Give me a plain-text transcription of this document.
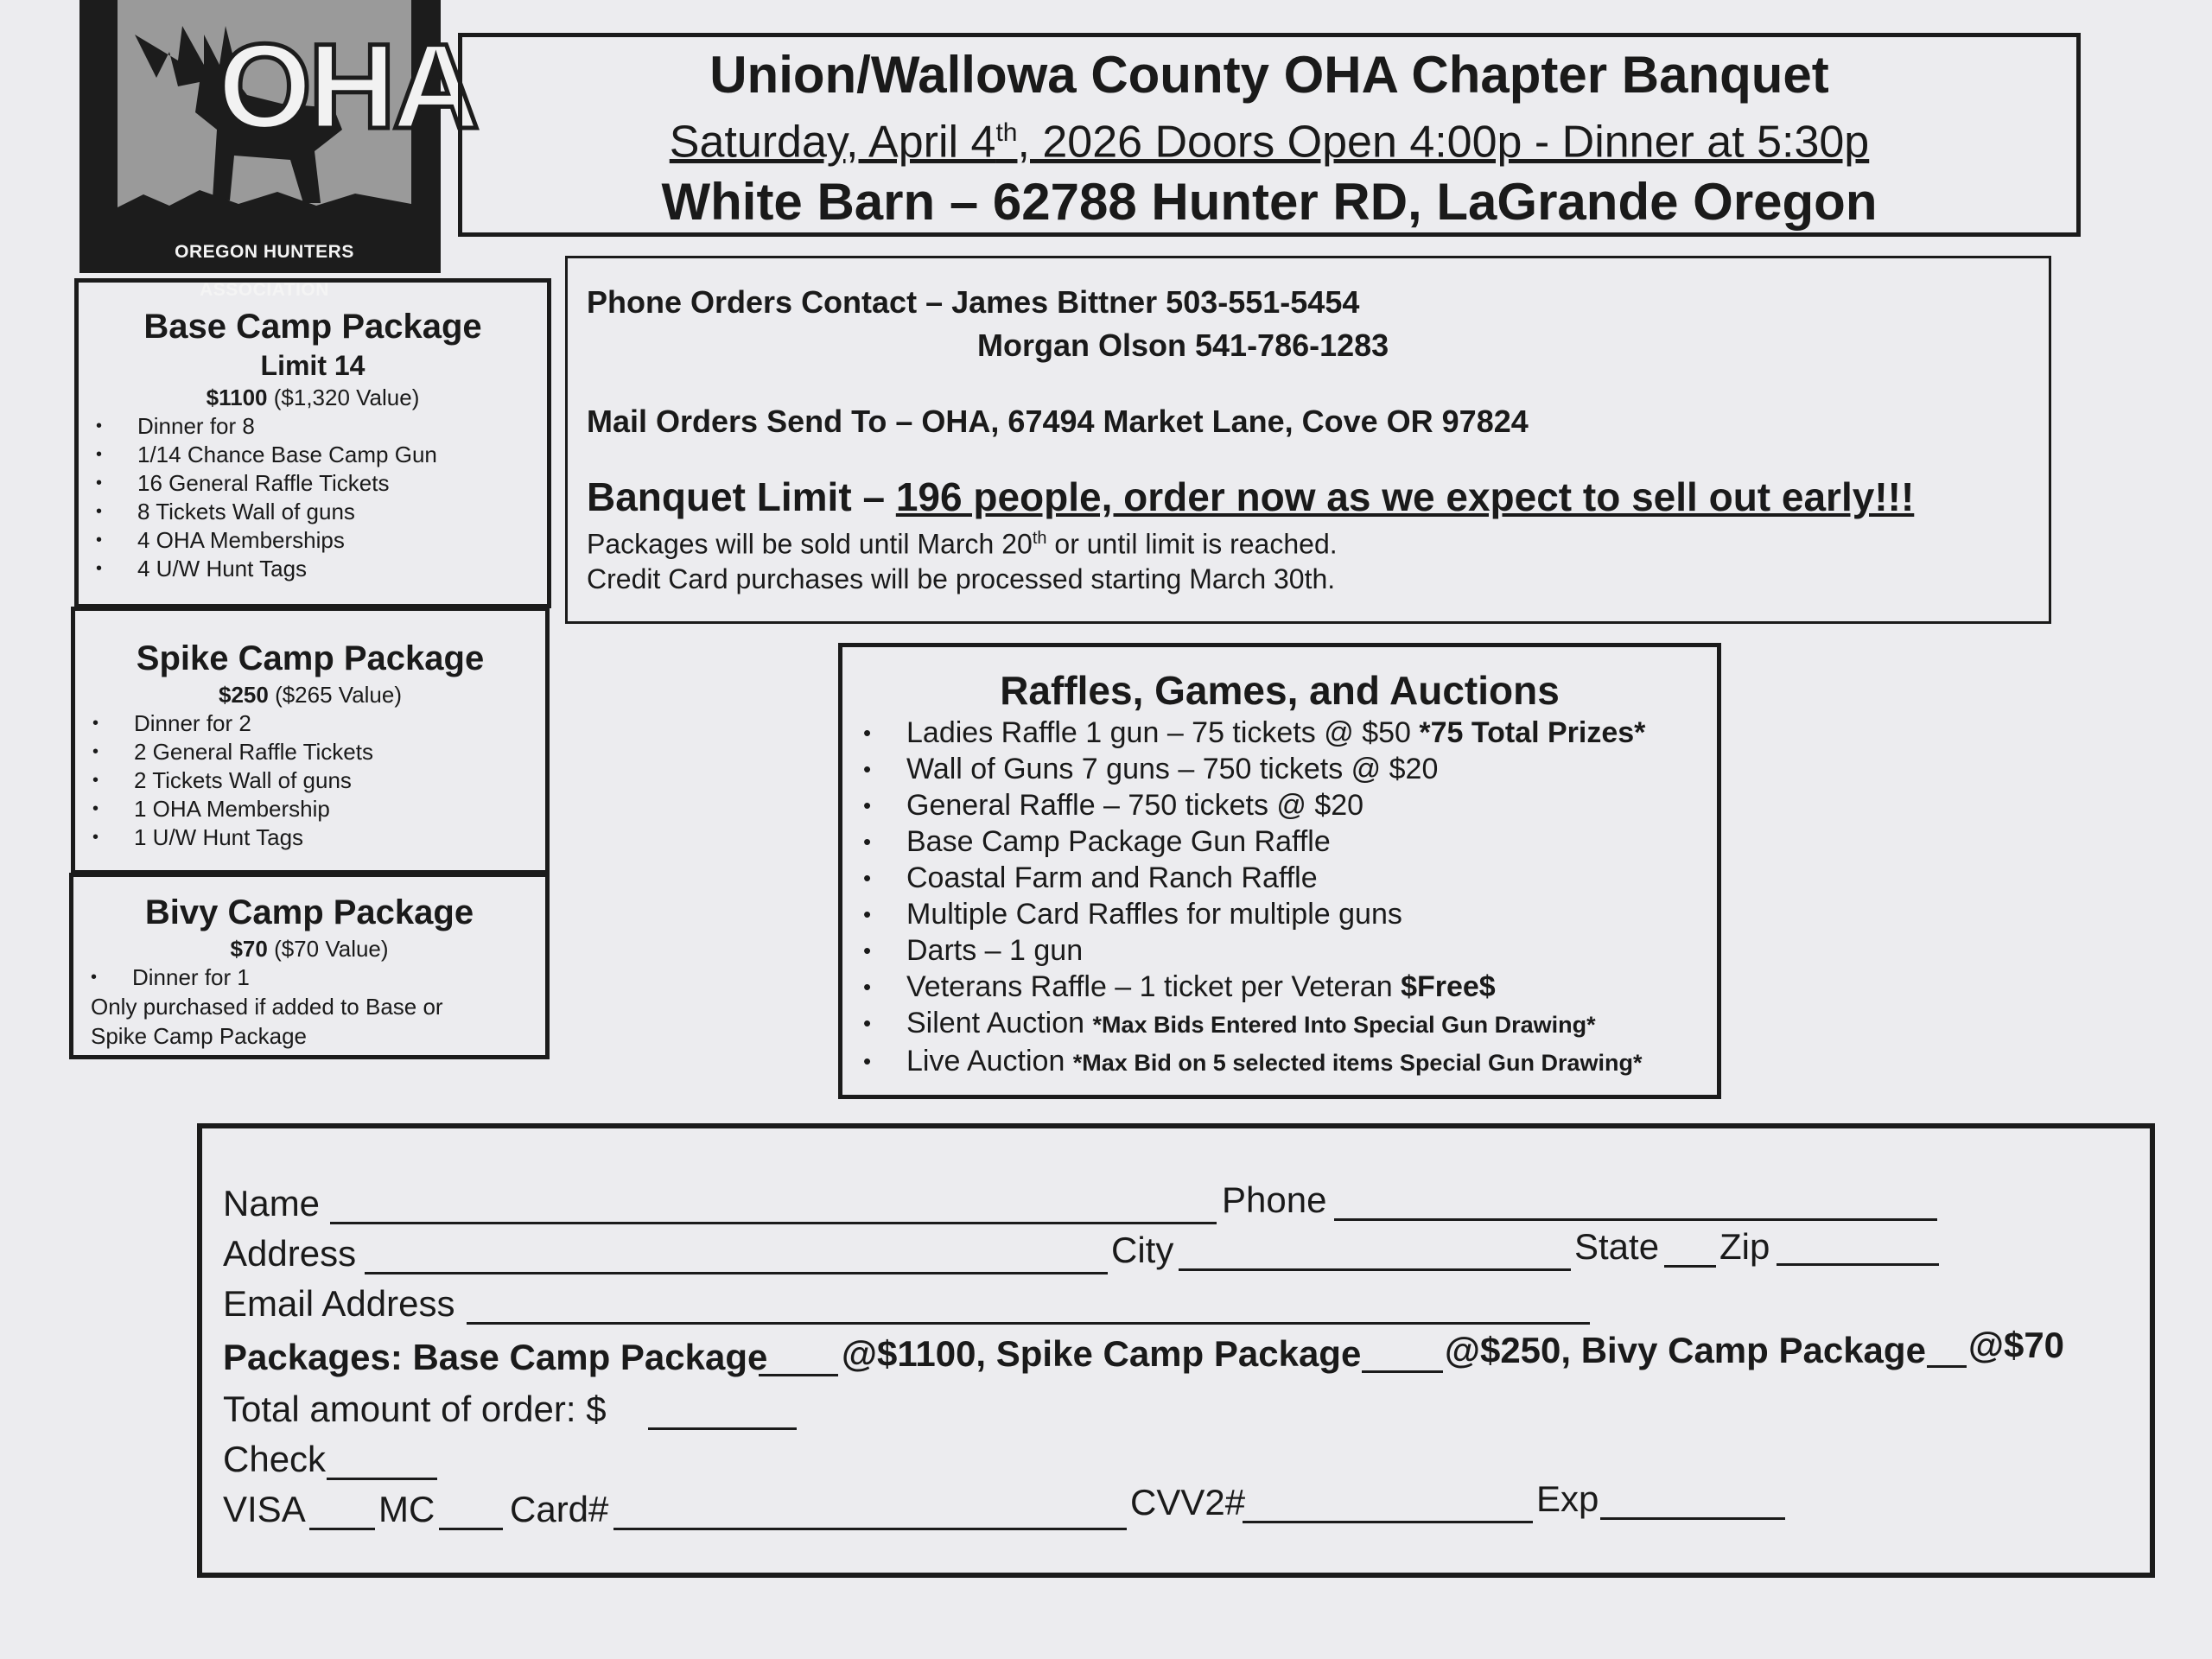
OHA
OREGON HUNTERS ASSOCIATION
Union/Wallowa County OHA Chapter Banquet
Saturday, April 4th, 2026 Doors Open 4:00p - Dinner at 5:30p
White Barn – 62788 Hunter RD, LaGrande Oregon
Base Camp Package
Limit 14
$1100 ($1,320 Value)
• Dinner for 8
• 1/14 Chance Base Camp Gun
• 16 General Raffle Tickets
• 8 Tickets Wall of guns
• 4 OHA Memberships
• 4 U/W Hunt Tags
Spike Camp Package
$250 ($265 Value)
• Dinner for 2
• 2 General Raffle Tickets
• 2 Tickets Wall of guns
• 1 OHA Membership
• 1 U/W Hunt Tags
Bivy Camp Package
$70 ($70 Value)
• Dinner for 1
Only purchased if added to Base or
Spike Camp Package
Phone Orders Contact – James Bittner 503-551-5454
Morgan Olson 541-786-1283
Mail Orders Send To – OHA, 67494 Market Lane, Cove OR 97824
Banquet Limit – 196 people, order now as we expect to sell out early!!!
Packages will be sold until March 20th or until limit is reached.
Credit Card purchases will be processed starting March 30th.
Raffles, Games, and Auctions
• Ladies Raffle 1 gun – 75 tickets @ $50 *75 Total Prizes*
• Wall of Guns 7 guns – 750 tickets @ $20
• General Raffle – 750 tickets @ $20
• Base Camp Package Gun Raffle
• Coastal Farm and Ranch Raffle
• Multiple Card Raffles for multiple guns
• Darts – 1 gun
• Veterans Raffle – 1 ticket per Veteran $Free$
• Silent Auction *Max Bids Entered Into Special Gun Drawing*
• Live Auction *Max Bid on 5 selected items Special Gun Drawing*
Name	Phone
Address	City	State Zip
Email Address
Packages: Base Camp Package @$1100, Spike Camp Package @$250, Bivy Camp Package @$70
Total amount of order: $
Check
VISA MC Card#	CVV2#	Exp
